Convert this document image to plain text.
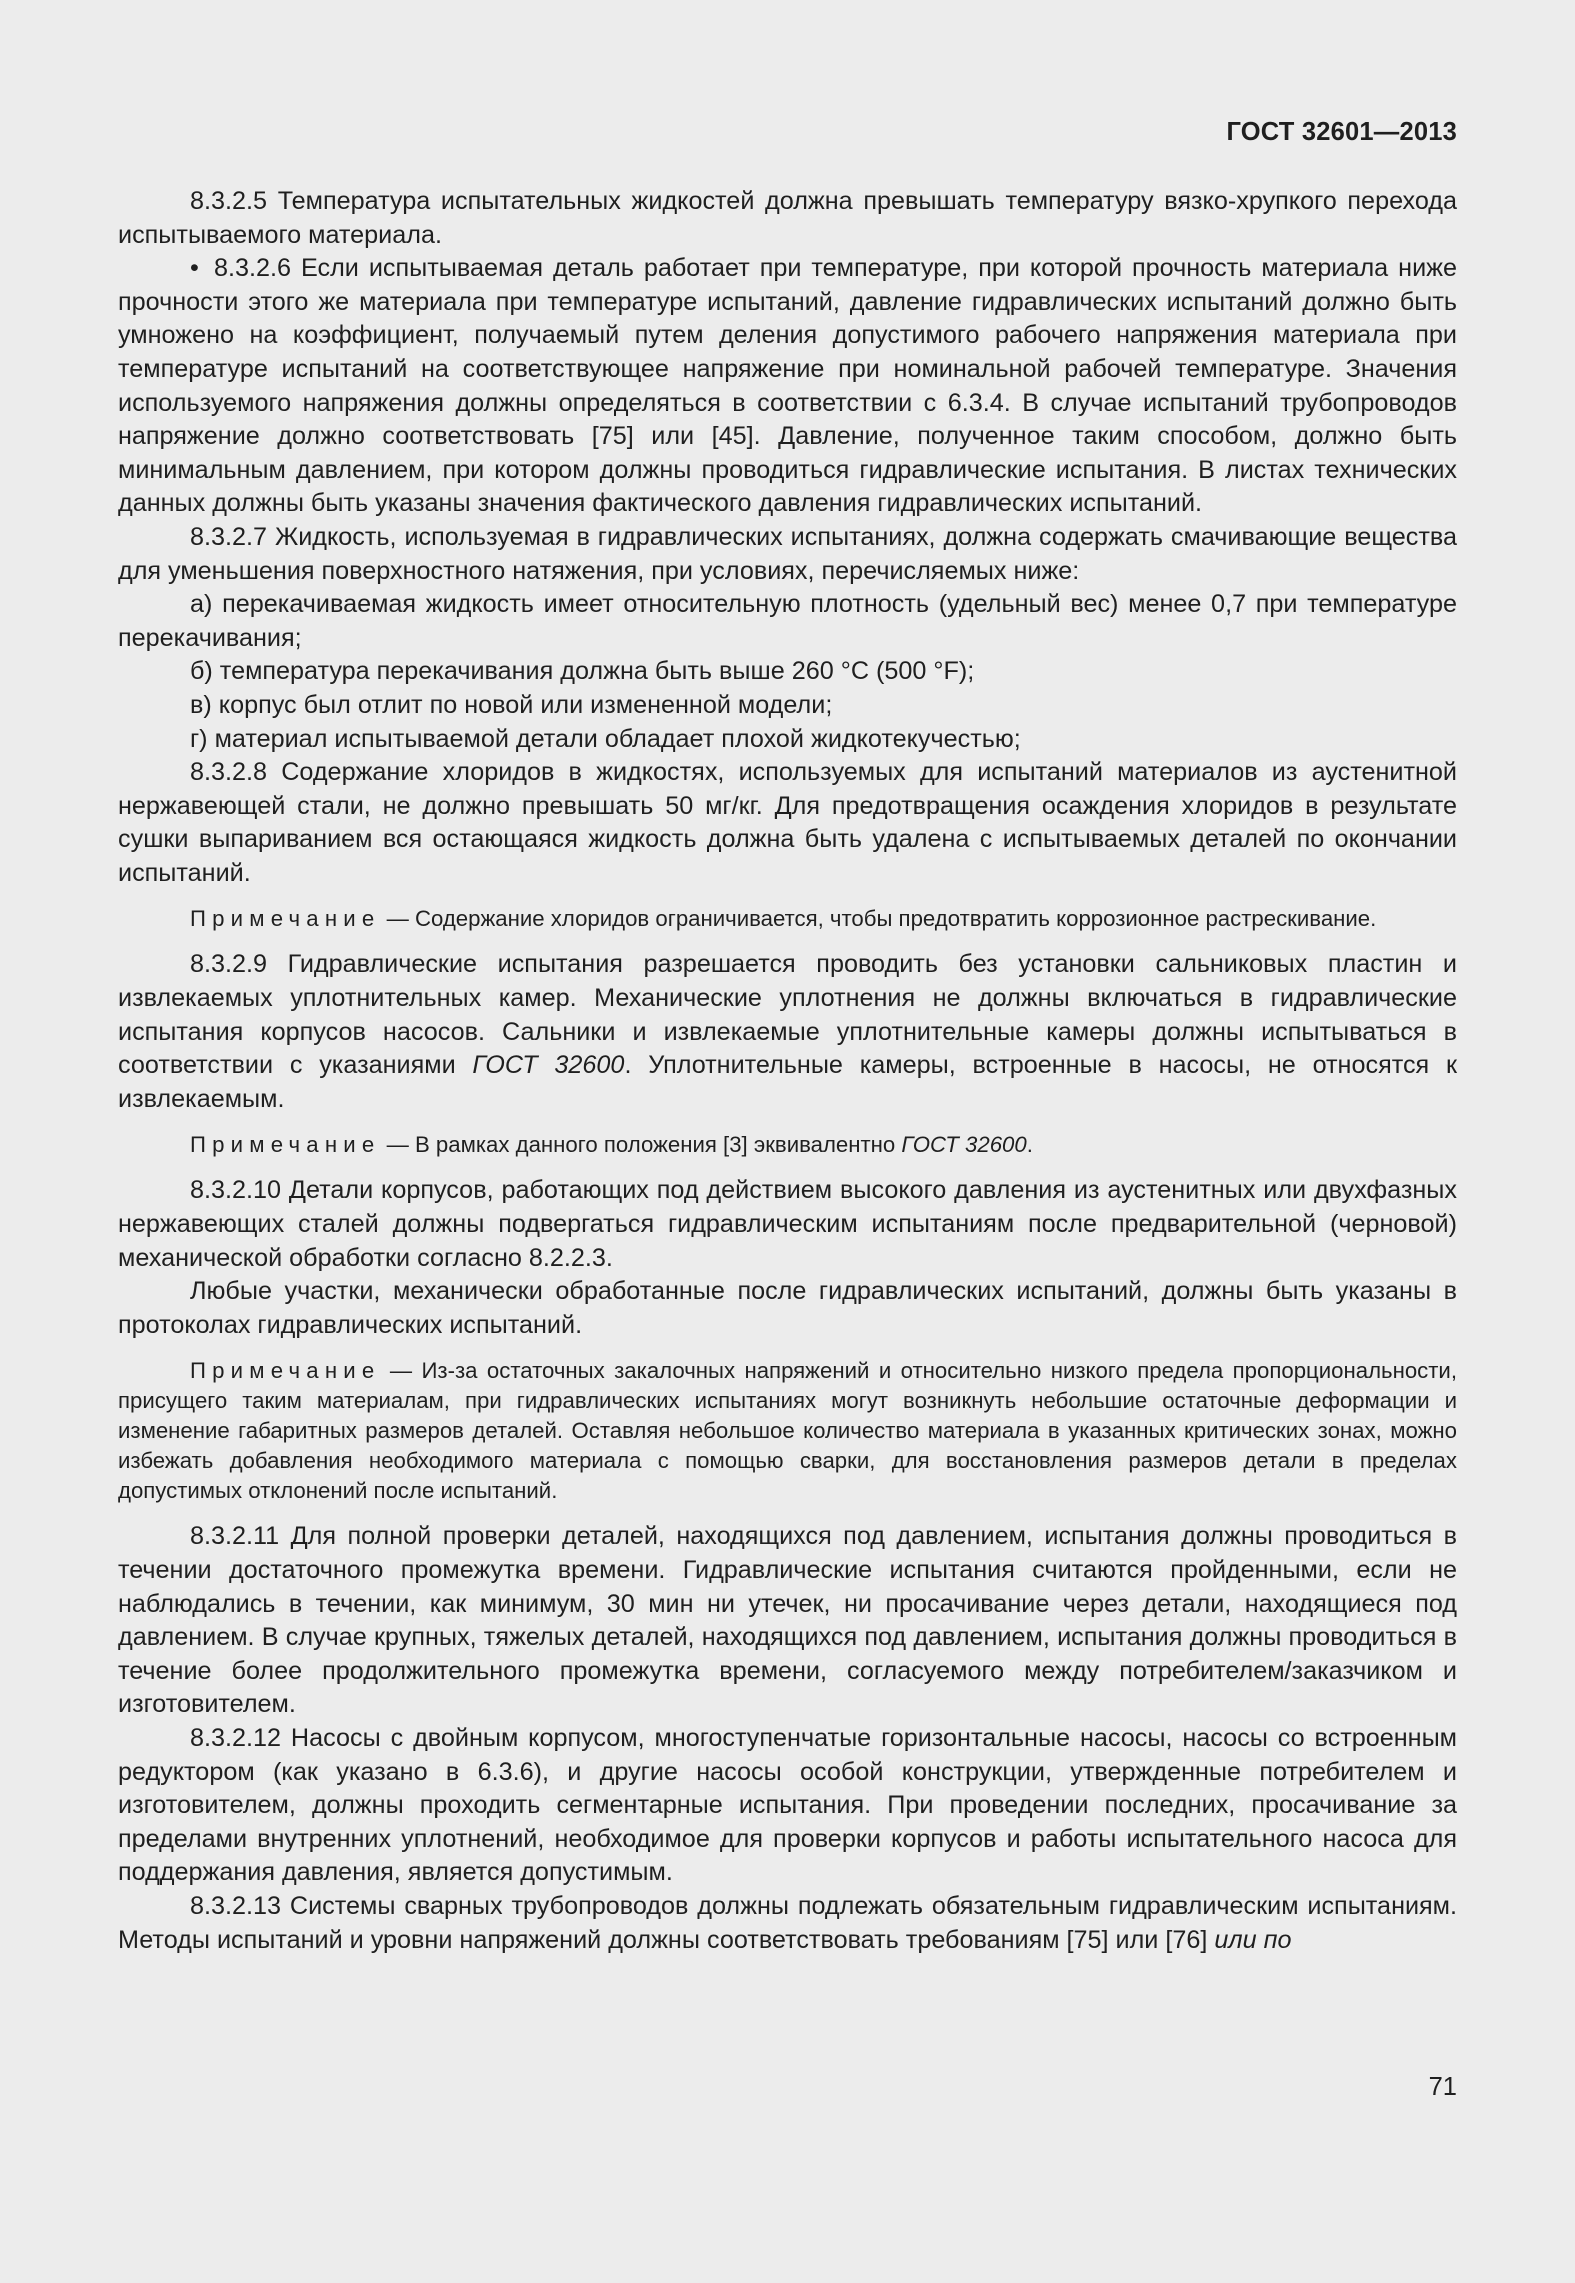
ГОСТ 32601—2013

8.3.2.5 Температура испытательных жидкостей должна превышать температуру вязко-хрупкого перехода испытываемого материала.

• 8.3.2.6 Если испытываемая деталь работает при температуре, при которой прочность материала ниже прочности этого же материала при температуре испытаний, давление гидравлических испытаний должно быть умножено на коэффициент, получаемый путем деления допустимого рабочего напряжения материала при температуре испытаний на соответствующее напряжение при номинальной рабочей температуре. Значения используемого напряжения должны определяться в соответствии с 6.3.4. В случае испытаний трубопроводов напряжение должно соответствовать [75] или [45]. Давление, полученное таким способом, должно быть минимальным давлением, при котором должны проводиться гидравлические испытания. В листах технических данных должны быть указаны значения фактического давления гидравлических испытаний.

8.3.2.7 Жидкость, используемая в гидравлических испытаниях, должна содержать смачивающие вещества для уменьшения поверхностного натяжения, при условиях, перечисляемых ниже:

а) перекачиваемая жидкость имеет относительную плотность (удельный вес) менее 0,7 при температуре перекачивания;

б) температура перекачивания должна быть выше 260 °С (500 °F);

в) корпус был отлит по новой или измененной модели;

г) материал испытываемой детали обладает плохой жидкотекучестью;

8.3.2.8 Содержание хлоридов в жидкостях, используемых для испытаний материалов из аустенитной нержавеющей стали, не должно превышать 50 мг/кг. Для предотвращения осаждения хлоридов в результате сушки выпариванием вся остающаяся жидкость должна быть удалена с испытываемых деталей по окончании испытаний.

Примечание — Содержание хлоридов ограничивается, чтобы предотвратить коррозионное растрескивание.

8.3.2.9 Гидравлические испытания разрешается проводить без установки сальниковых пластин и извлекаемых уплотнительных камер. Механические уплотнения не должны включаться в гидравлические испытания корпусов насосов. Сальники и извлекаемые уплотнительные камеры должны испытываться в соответствии с указаниями ГОСТ 32600. Уплотнительные камеры, встроенные в насосы, не относятся к извлекаемым.

Примечание — В рамках данного положения [3] эквивалентно ГОСТ 32600.

8.3.2.10 Детали корпусов, работающих под действием высокого давления из аустенитных или двухфазных нержавеющих сталей должны подвергаться гидравлическим испытаниям после предварительной (черновой) механической обработки согласно 8.2.2.3.

Любые участки, механически обработанные после гидравлических испытаний, должны быть указаны в протоколах гидравлических испытаний.

Примечание — Из-за остаточных закалочных напряжений и относительно низкого предела пропорциональности, присущего таким материалам, при гидравлических испытаниях могут возникнуть небольшие остаточные деформации и изменение габаритных размеров деталей. Оставляя небольшое количество материала в указанных критических зонах, можно избежать добавления необходимого материала с помощью сварки, для восстановления размеров детали в пределах допустимых отклонений после испытаний.

8.3.2.11 Для полной проверки деталей, находящихся под давлением, испытания должны проводиться в течении достаточного промежутка времени. Гидравлические испытания считаются пройденными, если не наблюдались в течении, как минимум, 30 мин ни утечек, ни просачивание через детали, находящиеся под давлением. В случае крупных, тяжелых деталей, находящихся под давлением, испытания должны проводиться в течение более продолжительного промежутка времени, согласуемого между потребителем/заказчиком и изготовителем.

8.3.2.12 Насосы с двойным корпусом, многоступенчатые горизонтальные насосы, насосы со встроенным редуктором (как указано в 6.3.6), и другие насосы особой конструкции, утвержденные потребителем и изготовителем, должны проходить сегментарные испытания. При проведении последних, просачивание за пределами внутренних уплотнений, необходимое для проверки корпусов и работы испытательного насоса для поддержания давления, является допустимым.

8.3.2.13 Системы сварных трубопроводов должны подлежать обязательным гидравлическим испытаниям. Методы испытаний и уровни напряжений должны соответствовать требованиям [75] или [76] или по

71
